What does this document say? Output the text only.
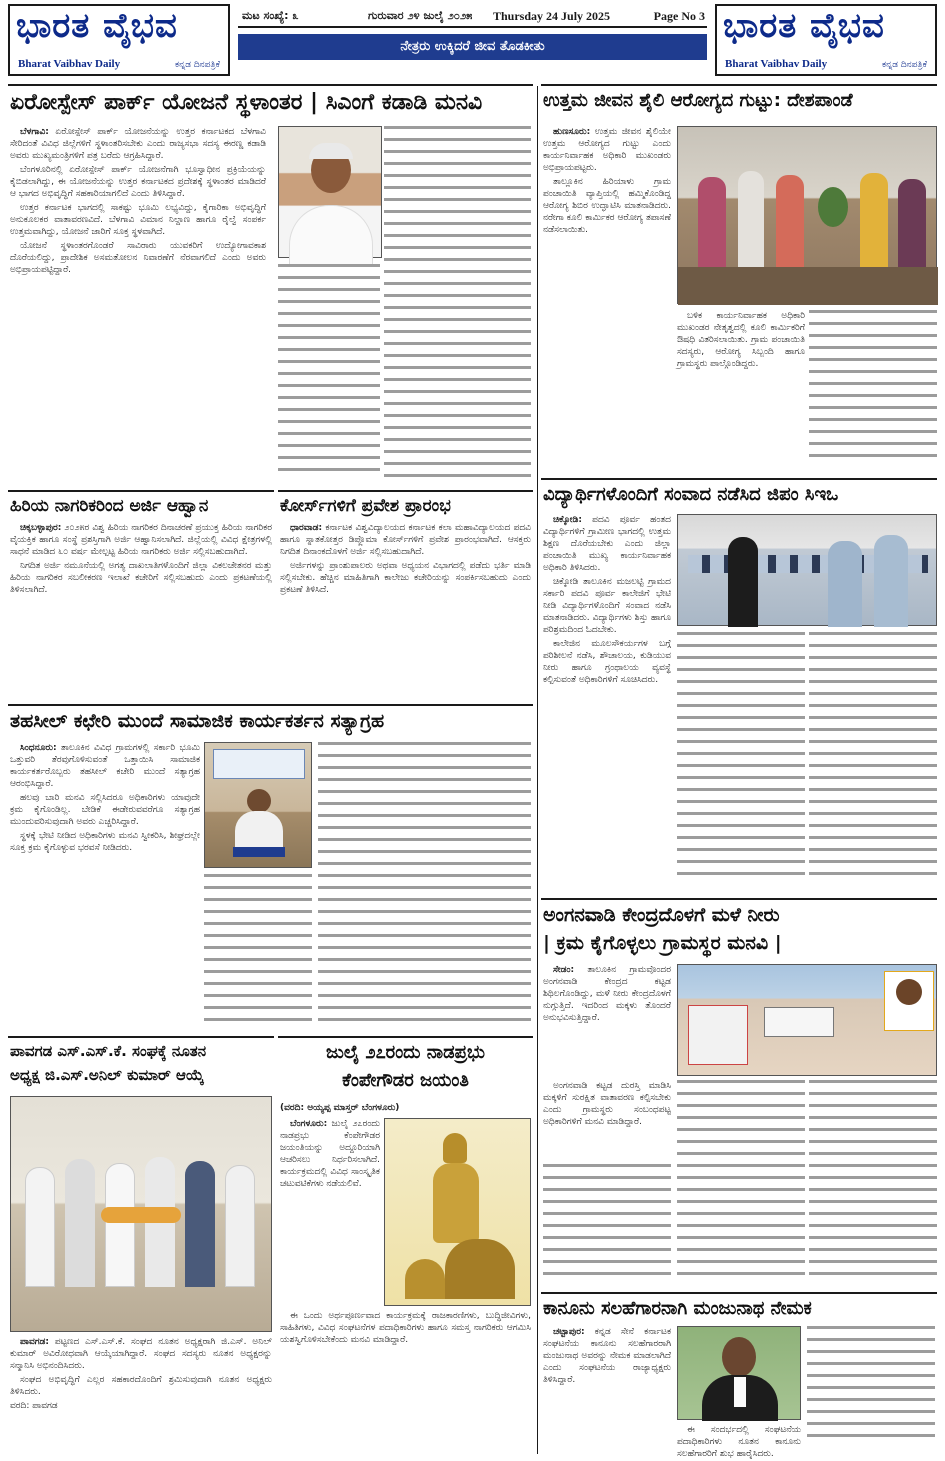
ಭಾರತ ವೈಭವ
Bharat Vaibhav Daily	ಕನ್ನಡ ದಿನಪತ್ರಿಕೆ
ಮಟ ಸಂಖ್ಯೆ: ೩	ಗುರುವಾರ ೨೪ ಜುಲೈ ೨೦೨೫ Thursday 24 July 2025	Page No 3
ನೇತ್ರರು ಉಕ್ಕಿದರೆ ಜೀವ ತೊಡಕೀತು
ಭಾರತ ವೈಭವ
Bharat Vaibhav Daily	ಕನ್ನಡ ದಿನಪತ್ರಿಕೆ
ಏರೋಸ್ಪೇಸ್ ಪಾರ್ಕ್ ಯೋಜನೆ ಸ್ಥಳಾಂತರ | ಸಿಎಂಗೆ ಕಡಾಡಿ ಮನವಿ

ಬೆಳಗಾವಿ: ಏರೋಸ್ಪೇಸ್ ಪಾರ್ಕ್ ಯೋಜನೆಯನ್ನು ಉತ್ತರ ಕರ್ನಾಟಕದ ಬೆಳಗಾವಿ ಸೇರಿದಂತೆ ವಿವಿಧ ಜಿಲ್ಲೆಗಳಿಗೆ ಸ್ಥಳಾಂತರಿಸಬೇಕು ಎಂದು ರಾಜ್ಯಸಭಾ ಸದಸ್ಯ ಈರಣ್ಣ ಕಡಾಡಿ ಅವರು ಮುಖ್ಯಮಂತ್ರಿಗಳಿಗೆ ಪತ್ರ ಬರೆದು ಆಗ್ರಹಿಸಿದ್ದಾರೆ.

ಬೆಂಗಳೂರಿನಲ್ಲಿ ಏರೋಸ್ಪೇಸ್ ಪಾರ್ಕ್ ಯೋಜನೆಗಾಗಿ ಭೂಸ್ವಾಧೀನ ಪ್ರಕ್ರಿಯೆಯನ್ನು ಕೈಬಿಡಲಾಗಿದ್ದು, ಈ ಯೋಜನೆಯನ್ನು ಉತ್ತರ ಕರ್ನಾಟಕದ ಪ್ರದೇಶಕ್ಕೆ ಸ್ಥಳಾಂತರ ಮಾಡಿದರೆ ಆ ಭಾಗದ ಅಭಿವೃದ್ಧಿಗೆ ಸಹಕಾರಿಯಾಗಲಿದೆ ಎಂದು ತಿಳಿಸಿದ್ದಾರೆ.

ಉತ್ತರ ಕರ್ನಾಟಕ ಭಾಗದಲ್ಲಿ ಸಾಕಷ್ಟು ಭೂಮಿ ಲಭ್ಯವಿದ್ದು, ಕೈಗಾರಿಕಾ ಅಭಿವೃದ್ಧಿಗೆ ಅನುಕೂಲಕರ ವಾತಾವರಣವಿದೆ. ಬೆಳಗಾವಿ ವಿಮಾನ ನಿಲ್ದಾಣ ಹಾಗೂ ರೈಲ್ವೆ ಸಂಪರ್ಕ ಉತ್ತಮವಾಗಿದ್ದು, ಯೋಜನೆ ಜಾರಿಗೆ ಸೂಕ್ತ ಸ್ಥಳವಾಗಿದೆ.

ಯೋಜನೆ ಸ್ಥಳಾಂತರಗೊಂಡರೆ ಸಾವಿರಾರು ಯುವಕರಿಗೆ ಉದ್ಯೋಗಾವಕಾಶ ದೊರೆಯಲಿದ್ದು, ಪ್ರಾದೇಶಿಕ ಅಸಮತೋಲನ ನಿವಾರಣೆಗೆ ನೆರವಾಗಲಿದೆ ಎಂದು ಅವರು ಅಭಿಪ್ರಾಯಪಟ್ಟಿದ್ದಾರೆ.

ಉತ್ತಮ ಜೀವನ ಶೈಲಿ ಆರೋಗ್ಯದ ಗುಟ್ಟು: ದೇಶಪಾಂಡೆ

ಹುಣಸೂರು: ಉತ್ತಮ ಜೀವನ ಶೈಲಿಯೇ ಉತ್ತಮ ಆರೋಗ್ಯದ ಗುಟ್ಟು ಎಂದು ಕಾರ್ಯನಿರ್ವಾಹಕ ಅಧಿಕಾರಿ ಮುಖಂಡರು ಅಭಿಪ್ರಾಯಪಟ್ಟರು.

ತಾಲ್ಲೂಕಿನ ಹಿರಿಯಾಳು ಗ್ರಾಮ ಪಂಚಾಯಿತಿ ವ್ಯಾಪ್ತಿಯಲ್ಲಿ ಹಮ್ಮಿಕೊಂಡಿದ್ದ ಆರೋಗ್ಯ ಶಿಬಿರ ಉದ್ಘಾಟಿಸಿ ಮಾತನಾಡಿದರು. ನರೇಗಾ ಕೂಲಿ ಕಾರ್ಮಿಕರ ಆರೋಗ್ಯ ತಪಾಸಣೆ ನಡೆಸಲಾಯಿತು.

ಬಳಿಕ ಕಾರ್ಯನಿರ್ವಾಹಕ ಅಧಿಕಾರಿ ಮುಖಂಡರ ನೇತೃತ್ವದಲ್ಲಿ ಕೂಲಿ ಕಾರ್ಮಿಕರಿಗೆ ಔಷಧಿ ವಿತರಿಸಲಾಯಿತು. ಗ್ರಾಮ ಪಂಚಾಯಿತಿ ಸದಸ್ಯರು, ಆರೋಗ್ಯ ಸಿಬ್ಬಂದಿ ಹಾಗೂ ಗ್ರಾಮಸ್ಥರು ಪಾಲ್ಗೊಂಡಿದ್ದರು.

ವಿದ್ಯಾರ್ಥಿಗಳೊಂದಿಗೆ ಸಂವಾದ ನಡೆಸಿದ ಜಿಪಂ ಸಿಇಒ

ಚಿಕ್ಕೋಡಿ: ಪದವಿ ಪೂರ್ವ ಹಂತದ ವಿದ್ಯಾರ್ಥಿಗಳಿಗೆ ಗ್ರಾಮೀಣ ಭಾಗದಲ್ಲಿ ಉತ್ತಮ ಶಿಕ್ಷಣ ದೊರೆಯಬೇಕು ಎಂದು ಜಿಲ್ಲಾ ಪಂಚಾಯಿತಿ ಮುಖ್ಯ ಕಾರ್ಯನಿರ್ವಾಹಕ ಅಧಿಕಾರಿ ತಿಳಿಸಿದರು.

ಚಿಕ್ಕೋಡಿ ತಾಲೂಕಿನ ಮಜಲಟ್ಟಿ ಗ್ರಾಮದ ಸರ್ಕಾರಿ ಪದವಿ ಪೂರ್ವ ಕಾಲೇಜಿಗೆ ಭೇಟಿ ನೀಡಿ ವಿದ್ಯಾರ್ಥಿಗಳೊಂದಿಗೆ ಸಂವಾದ ನಡೆಸಿ ಮಾತನಾಡಿದರು. ವಿದ್ಯಾರ್ಥಿಗಳು ಶಿಸ್ತು ಹಾಗೂ ಪರಿಶ್ರಮದಿಂದ ಓದಬೇಕು.

ಕಾಲೇಜಿನ ಮೂಲಸೌಕರ್ಯಗಳ ಬಗ್ಗೆ ಪರಿಶೀಲನೆ ನಡೆಸಿ, ಶೌಚಾಲಯ, ಕುಡಿಯುವ ನೀರು ಹಾಗೂ ಗ್ರಂಥಾಲಯ ವ್ಯವಸ್ಥೆ ಕಲ್ಪಿಸುವಂತೆ ಅಧಿಕಾರಿಗಳಿಗೆ ಸೂಚಿಸಿದರು.

ಹಿರಿಯ ನಾಗರಿಕರಿಂದ ಅರ್ಜಿ ಆಹ್ವಾನ

ಚಿಕ್ಕಬಳ್ಳಾಪುರ: ೨೦೨೫ರ ವಿಶ್ವ ಹಿರಿಯ ನಾಗರಿಕರ ದಿನಾಚರಣೆ ಪ್ರಯುಕ್ತ ಹಿರಿಯ ನಾಗರಿಕರ ವೈಯಕ್ತಿಕ ಹಾಗೂ ಸಂಸ್ಥೆ ಪ್ರಶಸ್ತಿಗಾಗಿ ಅರ್ಜಿ ಆಹ್ವಾನಿಸಲಾಗಿದೆ. ಜಿಲ್ಲೆಯಲ್ಲಿ ವಿವಿಧ ಕ್ಷೇತ್ರಗಳಲ್ಲಿ ಸಾಧನೆ ಮಾಡಿದ ೬೦ ವರ್ಷ ಮೇಲ್ಪಟ್ಟ ಹಿರಿಯ ನಾಗರಿಕರು ಅರ್ಜಿ ಸಲ್ಲಿಸಬಹುದಾಗಿದೆ.

ನಿಗದಿತ ಅರ್ಜಿ ನಮೂನೆಯಲ್ಲಿ ಅಗತ್ಯ ದಾಖಲಾತಿಗಳೊಂದಿಗೆ ಜಿಲ್ಲಾ ವಿಕಲಚೇತನರ ಮತ್ತು ಹಿರಿಯ ನಾಗರಿಕರ ಸಬಲೀಕರಣ ಇಲಾಖೆ ಕಚೇರಿಗೆ ಸಲ್ಲಿಸಬಹುದು ಎಂದು ಪ್ರಕಟಣೆಯಲ್ಲಿ ತಿಳಿಸಲಾಗಿದೆ.

ಕೋರ್ಸ್‌ಗಳಿಗೆ ಪ್ರವೇಶ ಪ್ರಾರಂಭ

ಧಾರವಾಡ: ಕರ್ನಾಟಕ ವಿಶ್ವವಿದ್ಯಾಲಯದ ಕರ್ನಾಟಕ ಕಲಾ ಮಹಾವಿದ್ಯಾಲಯದ ಪದವಿ ಹಾಗೂ ಸ್ನಾತಕೋತ್ತರ ಡಿಪ್ಲೊಮಾ ಕೋರ್ಸ್‌ಗಳಿಗೆ ಪ್ರವೇಶ ಪ್ರಾರಂಭವಾಗಿದೆ. ಆಸಕ್ತರು ನಿಗದಿತ ದಿನಾಂಕದೊಳಗೆ ಅರ್ಜಿ ಸಲ್ಲಿಸಬಹುದಾಗಿದೆ.

ಅರ್ಜಿಗಳನ್ನು ಪ್ರಾಂಶುಪಾಲರು ಅಥವಾ ಅಧ್ಯಯನ ವಿಭಾಗದಲ್ಲಿ ಪಡೆದು ಭರ್ತಿ ಮಾಡಿ ಸಲ್ಲಿಸಬೇಕು. ಹೆಚ್ಚಿನ ಮಾಹಿತಿಗಾಗಿ ಕಾಲೇಜು ಕಚೇರಿಯನ್ನು ಸಂಪರ್ಕಿಸಬಹುದು ಎಂದು ಪ್ರಕಟಣೆ ತಿಳಿಸಿದೆ.

ತಹಸೀಲ್ ಕಛೇರಿ ಮುಂದೆ ಸಾಮಾಜಿಕ ಕಾರ್ಯಕರ್ತನ ಸತ್ಯಾಗ್ರಹ

ಸಿಂಧನೂರು: ತಾಲೂಕಿನ ವಿವಿಧ ಗ್ರಾಮಗಳಲ್ಲಿ ಸರ್ಕಾರಿ ಭೂಮಿ ಒತ್ತುವರಿ ತೆರವುಗೊಳಿಸುವಂತೆ ಒತ್ತಾಯಿಸಿ ಸಾಮಾಜಿಕ ಕಾರ್ಯಕರ್ತರೊಬ್ಬರು ತಹಸೀಲ್ ಕಚೇರಿ ಮುಂದೆ ಸತ್ಯಾಗ್ರಹ ಆರಂಭಿಸಿದ್ದಾರೆ.

ಹಲವು ಬಾರಿ ಮನವಿ ಸಲ್ಲಿಸಿದರೂ ಅಧಿಕಾರಿಗಳು ಯಾವುದೇ ಕ್ರಮ ಕೈಗೊಂಡಿಲ್ಲ. ಬೇಡಿಕೆ ಈಡೇರುವವರೆಗೂ ಸತ್ಯಾಗ್ರಹ ಮುಂದುವರಿಸುವುದಾಗಿ ಅವರು ಎಚ್ಚರಿಸಿದ್ದಾರೆ.

ಸ್ಥಳಕ್ಕೆ ಭೇಟಿ ನೀಡಿದ ಅಧಿಕಾರಿಗಳು ಮನವಿ ಸ್ವೀಕರಿಸಿ, ಶೀಘ್ರದಲ್ಲೇ ಸೂಕ್ತ ಕ್ರಮ ಕೈಗೊಳ್ಳುವ ಭರವಸೆ ನೀಡಿದರು.

ಅಂಗನವಾಡಿ ಕೇಂದ್ರದೊಳಗೆ ಮಳೆ ನೀರು
| ಕ್ರಮ ಕೈಗೊಳ್ಳಲು ಗ್ರಾಮಸ್ಥರ ಮನವಿ |

ಸೇಡಂ: ತಾಲೂಕಿನ ಗ್ರಾಮವೊಂದರ ಅಂಗನವಾಡಿ ಕೇಂದ್ರದ ಕಟ್ಟಡ ಶಿಥಿಲಗೊಂಡಿದ್ದು, ಮಳೆ ನೀರು ಕೇಂದ್ರದೊಳಗೆ ನುಗ್ಗುತ್ತಿದೆ. ಇದರಿಂದ ಮಕ್ಕಳು ತೊಂದರೆ ಅನುಭವಿಸುತ್ತಿದ್ದಾರೆ.

ಅಂಗನವಾಡಿ ಕಟ್ಟಡ ದುರಸ್ತಿ ಮಾಡಿಸಿ ಮಕ್ಕಳಿಗೆ ಸುರಕ್ಷಿತ ವಾತಾವರಣ ಕಲ್ಪಿಸಬೇಕು ಎಂದು ಗ್ರಾಮಸ್ಥರು ಸಂಬಂಧಪಟ್ಟ ಅಧಿಕಾರಿಗಳಿಗೆ ಮನವಿ ಮಾಡಿದ್ದಾರೆ.

ಪಾವಗಡ ಎಸ್.ಎಸ್.ಕೆ. ಸಂಘಕ್ಕೆ ನೂತನ
ಅಧ್ಯಕ್ಷ ಜಿ.ಎಸ್.ಅನಿಲ್ ಕುಮಾರ್ ಆಯ್ಕೆ

ಪಾವಗಡ: ಪಟ್ಟಣದ ಎಸ್.ಎಸ್.ಕೆ. ಸಂಘದ ನೂತನ ಅಧ್ಯಕ್ಷರಾಗಿ ಜಿ.ಎಸ್. ಅನಿಲ್ ಕುಮಾರ್ ಅವಿರೋಧವಾಗಿ ಆಯ್ಕೆಯಾಗಿದ್ದಾರೆ. ಸಂಘದ ಸದಸ್ಯರು ನೂತನ ಅಧ್ಯಕ್ಷರನ್ನು ಸನ್ಮಾನಿಸಿ ಅಭಿನಂದಿಸಿದರು.

ಸಂಘದ ಅಭಿವೃದ್ಧಿಗೆ ಎಲ್ಲರ ಸಹಕಾರದೊಂದಿಗೆ ಶ್ರಮಿಸುವುದಾಗಿ ನೂತನ ಅಧ್ಯಕ್ಷರು ತಿಳಿಸಿದರು.

ವರದಿ: ಪಾವಗಡ

ಜುಲೈ ೨೭ರಂದು ನಾಡಪ್ರಭು
ಕೆಂಪೇಗೌಡರ ಜಯಂತಿ
(ವರದಿ: ಅಯ್ಯಪ್ಪ ಮಾಸ್ತರ್ ಬೆಂಗಳೂರು)

ಬೆಂಗಳೂರು: ಜುಲೈ ೨೭ರಂದು ನಾಡಪ್ರಭು ಕೆಂಪೇಗೌಡರ ಜಯಂತಿಯನ್ನು ಅದ್ದೂರಿಯಾಗಿ ಆಚರಿಸಲು ನಿರ್ಧರಿಸಲಾಗಿದೆ. ಕಾರ್ಯಕ್ರಮದಲ್ಲಿ ವಿವಿಧ ಸಾಂಸ್ಕೃತಿಕ ಚಟುವಟಿಕೆಗಳು ನಡೆಯಲಿವೆ.

ಈ ಒಂದು ಅರ್ಥಪೂರ್ಣವಾದ ಕಾರ್ಯಕ್ರಮಕ್ಕೆ ರಾಜಕಾರಣಿಗಳು, ಬುದ್ಧಿಜೀವಿಗಳು, ಸಾಹಿತಿಗಳು, ವಿವಿಧ ಸಂಘಟನೆಗಳ ಪದಾಧಿಕಾರಿಗಳು ಹಾಗೂ ಸಮಸ್ತ ನಾಗರಿಕರು ಆಗಮಿಸಿ ಯಶಸ್ವಿಗೊಳಿಸಬೇಕೆಂದು ಮನವಿ ಮಾಡಿದ್ದಾರೆ.

ಕಾನೂನು ಸಲಹೆಗಾರನಾಗಿ ಮಂಜುನಾಥ ನೇಮಕ

ಚಟ್ಟಾಪುರ: ಕನ್ನಡ ಸೇನೆ ಕರ್ನಾಟಕ ಸಂಘಟನೆಯ ಕಾನೂನು ಸಲಹೆಗಾರರಾಗಿ ಮಂಜುನಾಥ ಅವರನ್ನು ನೇಮಕ ಮಾಡಲಾಗಿದೆ ಎಂದು ಸಂಘಟನೆಯ ರಾಜ್ಯಾಧ್ಯಕ್ಷರು ತಿಳಿಸಿದ್ದಾರೆ.

ಈ ಸಂದರ್ಭದಲ್ಲಿ ಸಂಘಟನೆಯ ಪದಾಧಿಕಾರಿಗಳು ನೂತನ ಕಾನೂನು ಸಲಹೆಗಾರರಿಗೆ ಶುಭ ಹಾರೈಸಿದರು.
